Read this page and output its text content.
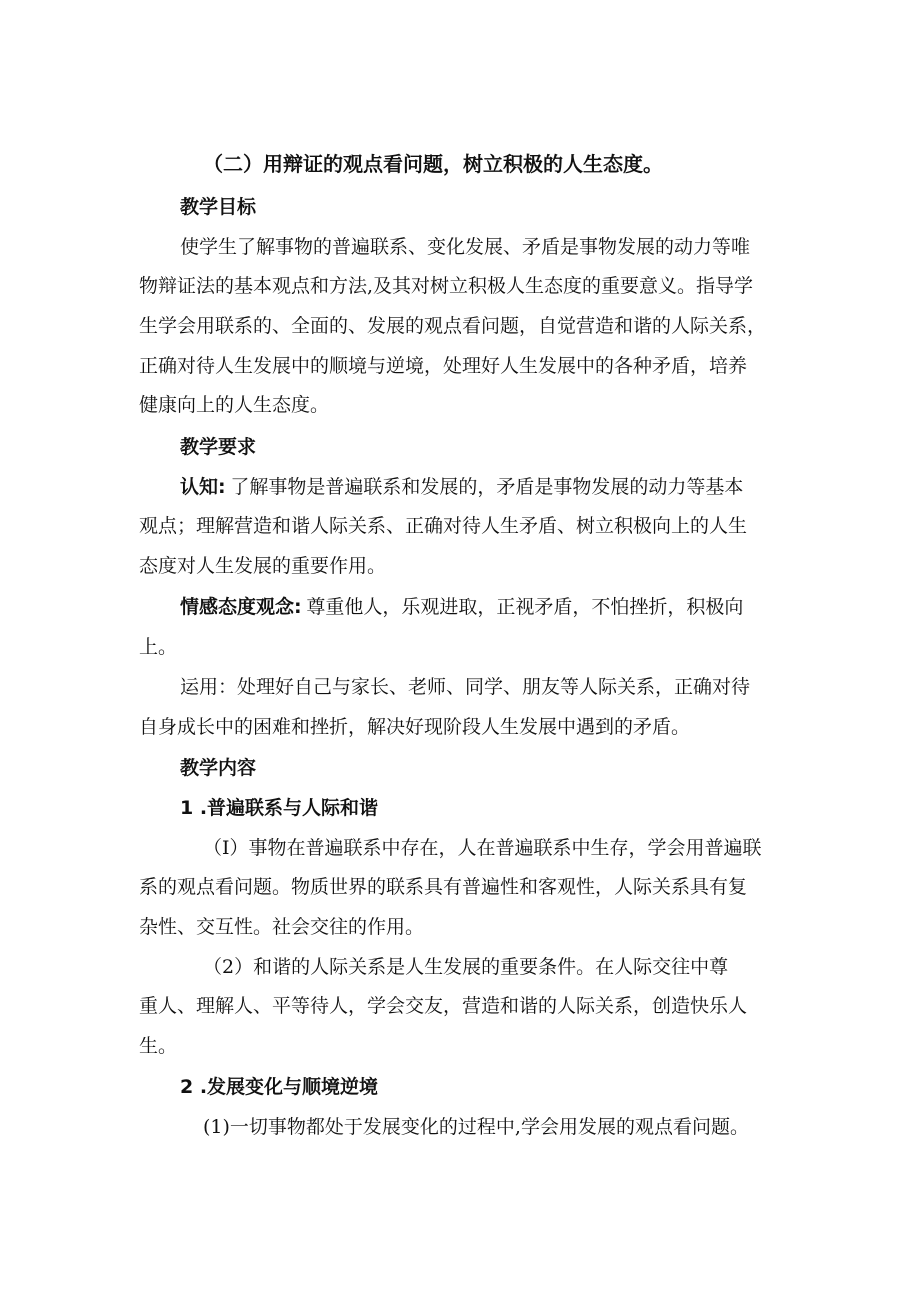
（二）用辩证的观点看问题，树立积极的人生态度。
教学目标
使学生了解事物的普遍联系、变化发展、矛盾是事物发展的动力等唯
物辩证法的基本观点和方法,及其对树立积极人生态度的重要意义。指导学
生学会用联系的、全面的、发展的观点看问题，自觉营造和谐的人际关系，
正确对待人生发展中的顺境与逆境，处理好人生发展中的各种矛盾，培养
健康向上的人生态度。
教学要求
认知: 了解事物是普遍联系和发展的，矛盾是事物发展的动力等基本
观点；理解营造和谐人际关系、正确对待人生矛盾、树立积极向上的人生
态度对人生发展的重要作用。
情感态度观念: 尊重他人，乐观进取，正视矛盾，不怕挫折，积极向
上。
运用：处理好自己与家长、老师、同学、朋友等人际关系，正确对待
自身成长中的困难和挫折，解决好现阶段人生发展中遇到的矛盾。
教学内容
1 .普遍联系与人际和谐
（I）事物在普遍联系中存在，人在普遍联系中生存，学会用普遍联
系的观点看问题。物质世界的联系具有普遍性和客观性，人际关系具有复
杂性、交互性。社会交往的作用。
（2）和谐的人际关系是人生发展的重要条件。在人际交往中尊
重人、理解人、平等待人，学会交友，营造和谐的人际关系，创造快乐人
生。
2 .发展变化与顺境逆境
(1)一切事物都处于发展变化的过程中,学会用发展的观点看问题。
